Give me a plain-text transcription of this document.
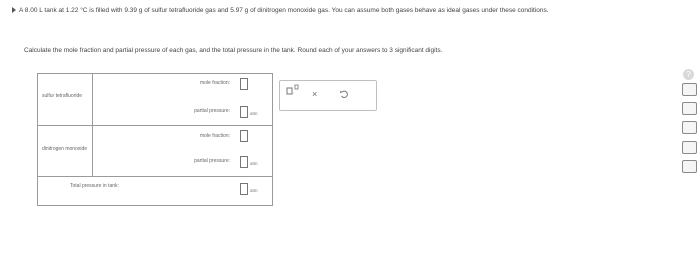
A 8.00 L tank at 1.22 °C is filled with 9.39 g of sulfur tetrafluoride gas and 5.97 g of dinitrogen monoxide gas. You can assume both gases behave as ideal gases under these conditions.
Calculate the mole fraction and partial pressure of each gas, and the total pressure in the tank. Round each of your answers to 3 significant digits.
sulfur tetrafluoride
mole fraction:
partial pressure:	atm
dinitrogen monoxide
mole fraction:
partial pressure:	atm
Total pressure in tank:
atm
. ×
?
